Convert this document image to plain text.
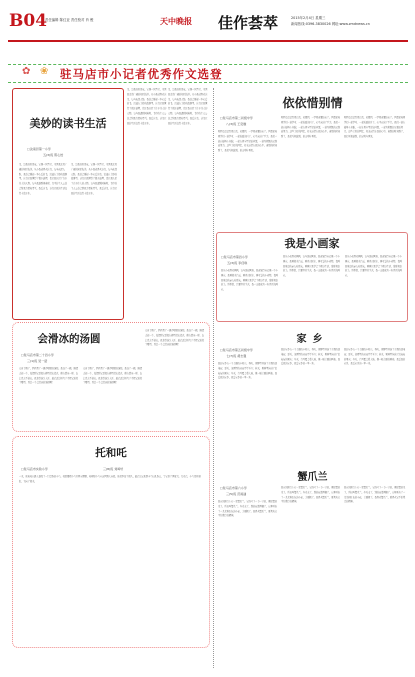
B04
责任编辑 陈红亚 责任校对 肖 俊	天中晚报 佳作荟萃	2015年2月4日 星期三
新闻热线:0396-3830026 网址:www.zmdnews.cn
✿ ❀ 驻马店市小记者优秀作文选登
美妙的读书生活
□汝南县第一小学
五(3)班 陈心怡
书，是我的好朋友。它像一位智者，带领我走进广阔的知识海洋。从小我就喜欢读书，每当夜深人静，我总会捧起一本心爱的书，沉浸在美妙的故事里。读书让我懂得了很多道理，也让我认识了许多伟大的人物。每当我遇到困难时，书中的主人公总会给我力量和勇气。我爱读书，读书让我的生活变得丰富多彩。
书，是我的好朋友。它像一位智者，带领我走进广阔的知识海洋。从小我就喜欢读书，每当夜深人静，我总会捧起一本心爱的书，沉浸在美妙的故事里。读书让我懂得了很多道理，也让我认识了许多伟大的人物。每当我遇到困难时，书中的主人公总会给我力量和勇气。我爱读书，读书让我的生活变得丰富多彩。
书，是我的好朋友。它像一位智者，带领我走进广阔的知识海洋。从小我就喜欢读书，每当夜深人静，我总会捧起一本心爱的书，沉浸在美妙的故事里。读书让我懂得了很多道理，也让我认识了许多伟大的人物。每当我遇到困难时，书中的主人公总会给我力量和勇气。我爱读书，读书让我的生活变得丰富多彩。
书，是我的好朋友。它像一位智者，带领我走进广阔的知识海洋。从小我就喜欢读书，每当夜深人静，我总会捧起一本心爱的书，沉浸在美妙的故事里。读书让我懂得了很多道理，也让我认识了许多伟大的人物。每当我遇到困难时，书中的主人公总会给我力量和勇气。我爱读书，读书让我的生活变得丰富多彩。
依依惜别情
□驻马店市第二初级中学
八(3)班 王奕璇
时间总是过得那么快，转眼间，一学期就要结束了。回想起和同学们一起学习、一起玩耍的日子，心中充满了不舍。我们一起在操场上奔跑，一起在教室里讨论问题，一起为班级的荣誉而努力。这些美好的回忆，将永远留在我的心中。离别的时刻到了，我们互相道别，约定明年再见。
时间总是过得那么快，转眼间，一学期就要结束了。回想起和同学们一起学习、一起玩耍的日子，心中充满了不舍。我们一起在操场上奔跑，一起在教室里讨论问题，一起为班级的荣誉而努力。这些美好的回忆，将永远留在我的心中。离别的时刻到了，我们互相道别，约定明年再见。
时间总是过得那么快，转眼间，一学期就要结束了。回想起和同学们一起学习、一起玩耍的日子，心中充满了不舍。我们一起在操场上奔跑，一起在教室里讨论问题，一起为班级的荣誉而努力。这些美好的回忆，将永远留在我的心中。离别的时刻到了，我们互相道别，约定明年再见。
我是小画家
□驻马店市第四小学
五(3)班 李佳琪
我从小就喜欢画画，每当拿起画笔，我就觉得自己像一个小画家。我画蓝天白云，画青山绿水，画可爱的小动物，也画我身边的亲人和朋友。画画让我学会了观察生活，发现身边的美。妈妈说，只要坚持下去，我一定能成为一名真正的画家。
我从小就喜欢画画，每当拿起画笔，我就觉得自己像一个小画家。我画蓝天白云，画青山绿水，画可爱的小动物，也画我身边的亲人和朋友。画画让我学会了观察生活，发现身边的美。妈妈说，只要坚持下去，我一定能成为一名真正的画家。
我从小就喜欢画画，每当拿起画笔，我就觉得自己像一个小画家。我画蓝天白云，画青山绿水，画可爱的小动物，也画我身边的亲人和朋友。画画让我学会了观察生活，发现身边的美。妈妈说，只要坚持下去，我一定能成为一名真正的画家。
会滑冰的汤圆
□驻马店市第二十四小学
三(1)班 吴一诺
元宵节到了，妈妈煮了一锅香喷喷的汤圆。我盛了一碗，刚想夹起一个，没想到它竟然在碗里滑来滑去，像在溜冰一样，怎么也夹不起来。我急得满头大汗，最后还是用勺子才把它送进了嘴里。真是一个会滑冰的汤圆啊！
元宵节到了，妈妈煮了一锅香喷喷的汤圆。我盛了一碗，刚想夹起一个，没想到它竟然在碗里滑来滑去，像在溜冰一样，怎么也夹不起来。我急得满头大汗，最后还是用勺子才把它送进了嘴里。真是一个会滑冰的汤圆啊！
元宵节到了，妈妈煮了一锅香喷喷的汤圆。我盛了一碗，刚想夹起一个，没想到它竟然在碗里滑来滑去，像在溜冰一样，怎么也夹不起来。我急得满头大汗，最后还是用勺子才把它送进了嘴里。真是一个会滑冰的汤圆啊！	家乡
□驻马店市第五初级中学
七(7)班 胡志强
我的家乡在一个美丽的小村庄。春天，田野里开满了金黄的油菜花；夏天，池塘里的荷花亭亭玉立；秋天，果园里挂满了沉甸甸的果实；冬天，白雪覆盖着大地，像一幅美丽的画卷。我爱我的家乡，我爱家乡的一草一木。
我的家乡在一个美丽的小村庄。春天，田野里开满了金黄的油菜花；夏天，池塘里的荷花亭亭玉立；秋天，果园里挂满了沉甸甸的果实；冬天，白雪覆盖着大地，像一幅美丽的画卷。我爱我的家乡，我爱家乡的一草一木。
我的家乡在一个美丽的小村庄。春天，田野里开满了金黄的油菜花；夏天，池塘里的荷花亭亭玉立；秋天，果园里挂满了沉甸甸的果实；冬天，白雪覆盖着大地，像一幅美丽的画卷。我爱我的家乡，我爱家乡的一草一木。
托和吒
□驻马店市实验小学	三(8)班 刘鸣轩
一天，托和吒在路上遇见了一只受伤的小鸟。托说要把小鸟带回家照顾，吒却说小鸟应该回到大自然。他们争论了很久，最后决定先给小鸟包扎伤口，等它好了再放飞。几天后，小鸟张开翅膀，飞向了蓝天。	蟹爪兰
□驻马店市第六小学
三(5)班 范雨涵
我家的阳台上有一盆蟹爪兰。它的叶子一节一节的，像螃蟹的爪子，所以叫蟹爪兰。冬天来了，别的花都凋谢了，它却开出了一朵朵粉红色的小花，美丽极了。我喜欢蟹爪兰，更喜欢它不怕寒冷的精神。
我家的阳台上有一盆蟹爪兰。它的叶子一节一节的，像螃蟹的爪子，所以叫蟹爪兰。冬天来了，别的花都凋谢了，它却开出了一朵朵粉红色的小花，美丽极了。我喜欢蟹爪兰，更喜欢它不怕寒冷的精神。
我家的阳台上有一盆蟹爪兰。它的叶子一节一节的，像螃蟹的爪子，所以叫蟹爪兰。冬天来了，别的花都凋谢了，它却开出了一朵朵粉红色的小花，美丽极了。我喜欢蟹爪兰，更喜欢它不怕寒冷的精神。
